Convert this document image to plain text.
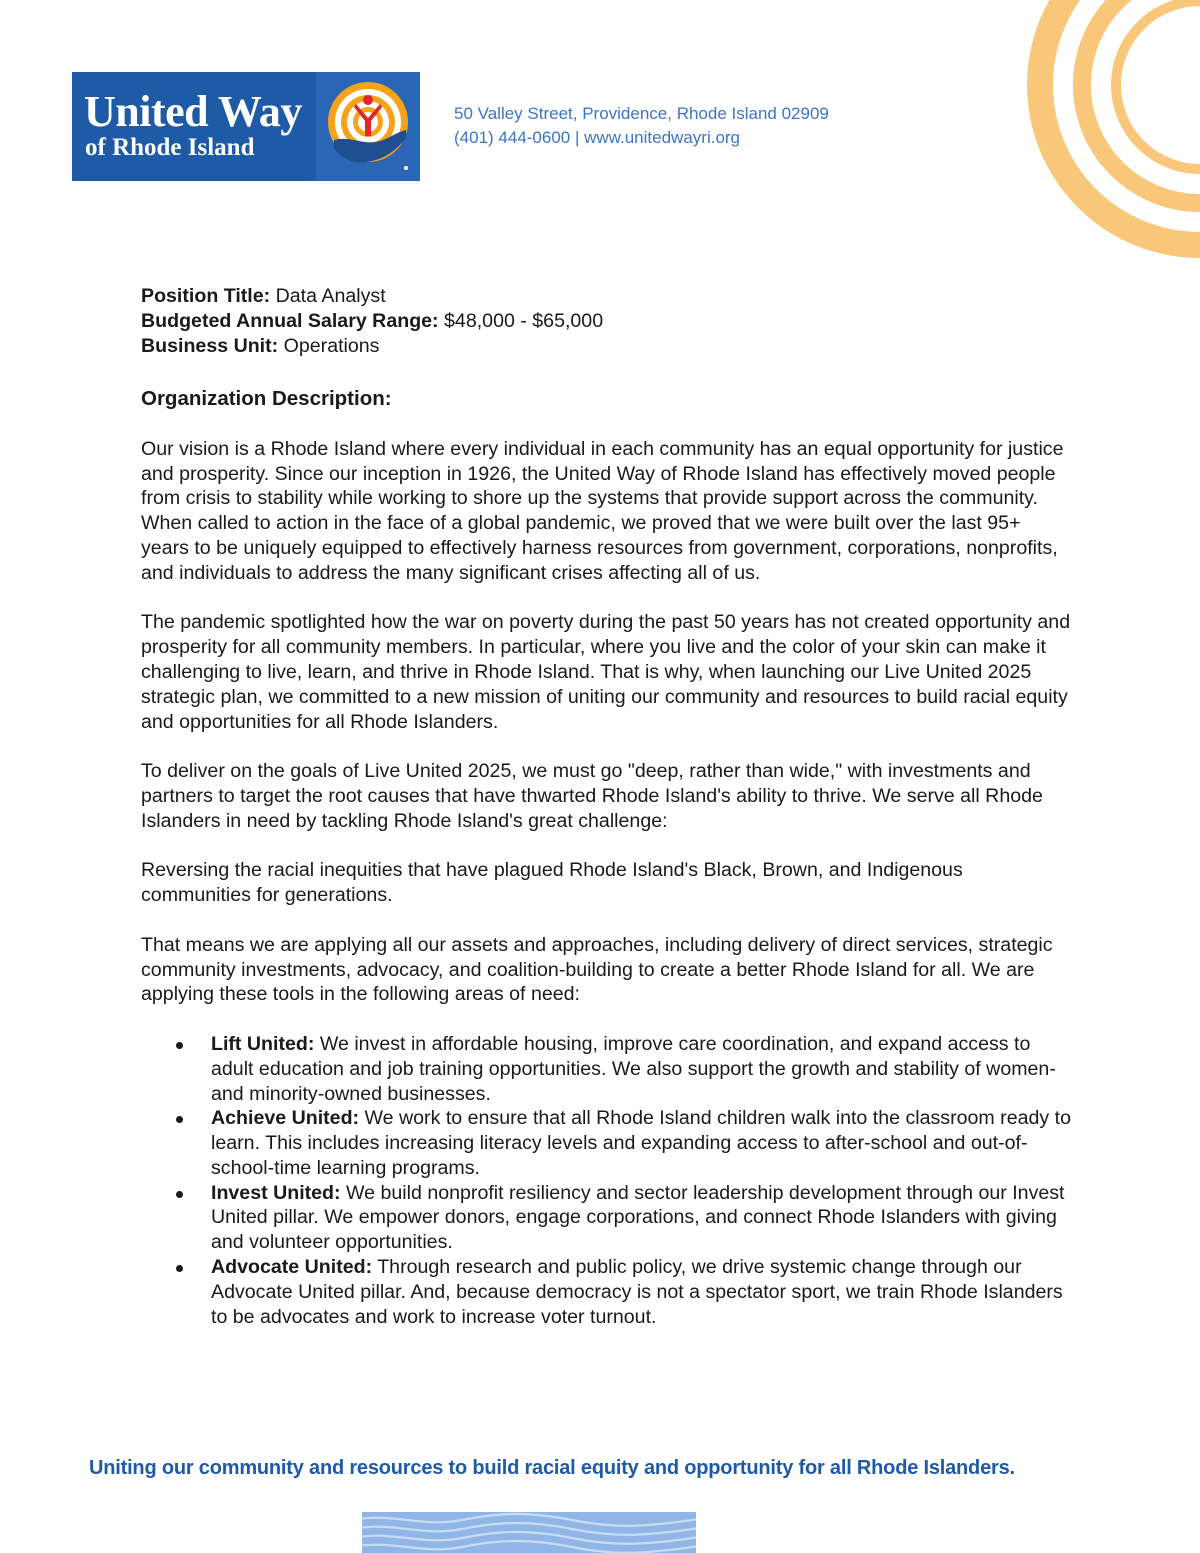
United Way
of Rhode Island
50 Valley Street, Providence, Rhode Island 02909
(401) 444-0600 | www.unitedwayri.org

Position Title: Data Analyst

Budgeted Annual Salary Range: $48,000 - $65,000

Business Unit: Operations

Organization Description:

Our vision is a Rhode Island where every individual in each community has an equal opportunity for justice and prosperity. Since our inception in 1926, the United Way of Rhode Island has effectively moved people from crisis to stability while working to shore up the systems that provide support across the community. When called to action in the face of a global pandemic, we proved that we were built over the last 95+ years to be uniquely equipped to effectively harness resources from government, corporations, nonprofits, and individuals to address the many significant crises affecting all of us.

The pandemic spotlighted how the war on poverty during the past 50 years has not created opportunity and prosperity for all community members. In particular, where you live and the color of your skin can make it challenging to live, learn, and thrive in Rhode Island. That is why, when launching our Live United 2025 strategic plan, we committed to a new mission of uniting our community and resources to build racial equity and opportunities for all Rhode Islanders.

To deliver on the goals of Live United 2025, we must go "deep, rather than wide," with investments and partners to target the root causes that have thwarted Rhode Island's ability to thrive. We serve all Rhode Islanders in need by tackling Rhode Island's great challenge:

Reversing the racial inequities that have plagued Rhode Island's Black, Brown, and Indigenous communities for generations.

That means we are applying all our assets and approaches, including delivery of direct services, strategic community investments, advocacy, and coalition-building to create a better Rhode Island for all. We are applying these tools in the following areas of need:

Lift United: We invest in affordable housing, improve care coordination, and expand access to adult education and job training opportunities. We also support the growth and stability of women- and minority-owned businesses.
Achieve United: We work to ensure that all Rhode Island children walk into the classroom ready to learn. This includes increasing literacy levels and expanding access to after-school and out-of-school-time learning programs.
Invest United: We build nonprofit resiliency and sector leadership development through our Invest United pillar. We empower donors, engage corporations, and connect Rhode Islanders with giving and volunteer opportunities.
Advocate United: Through research and public policy, we drive systemic change through our Advocate United pillar. And, because democracy is not a spectator sport, we train Rhode Islanders to be advocates and work to increase voter turnout.
Uniting our community and resources to build racial equity and opportunity for all Rhode Islanders.
